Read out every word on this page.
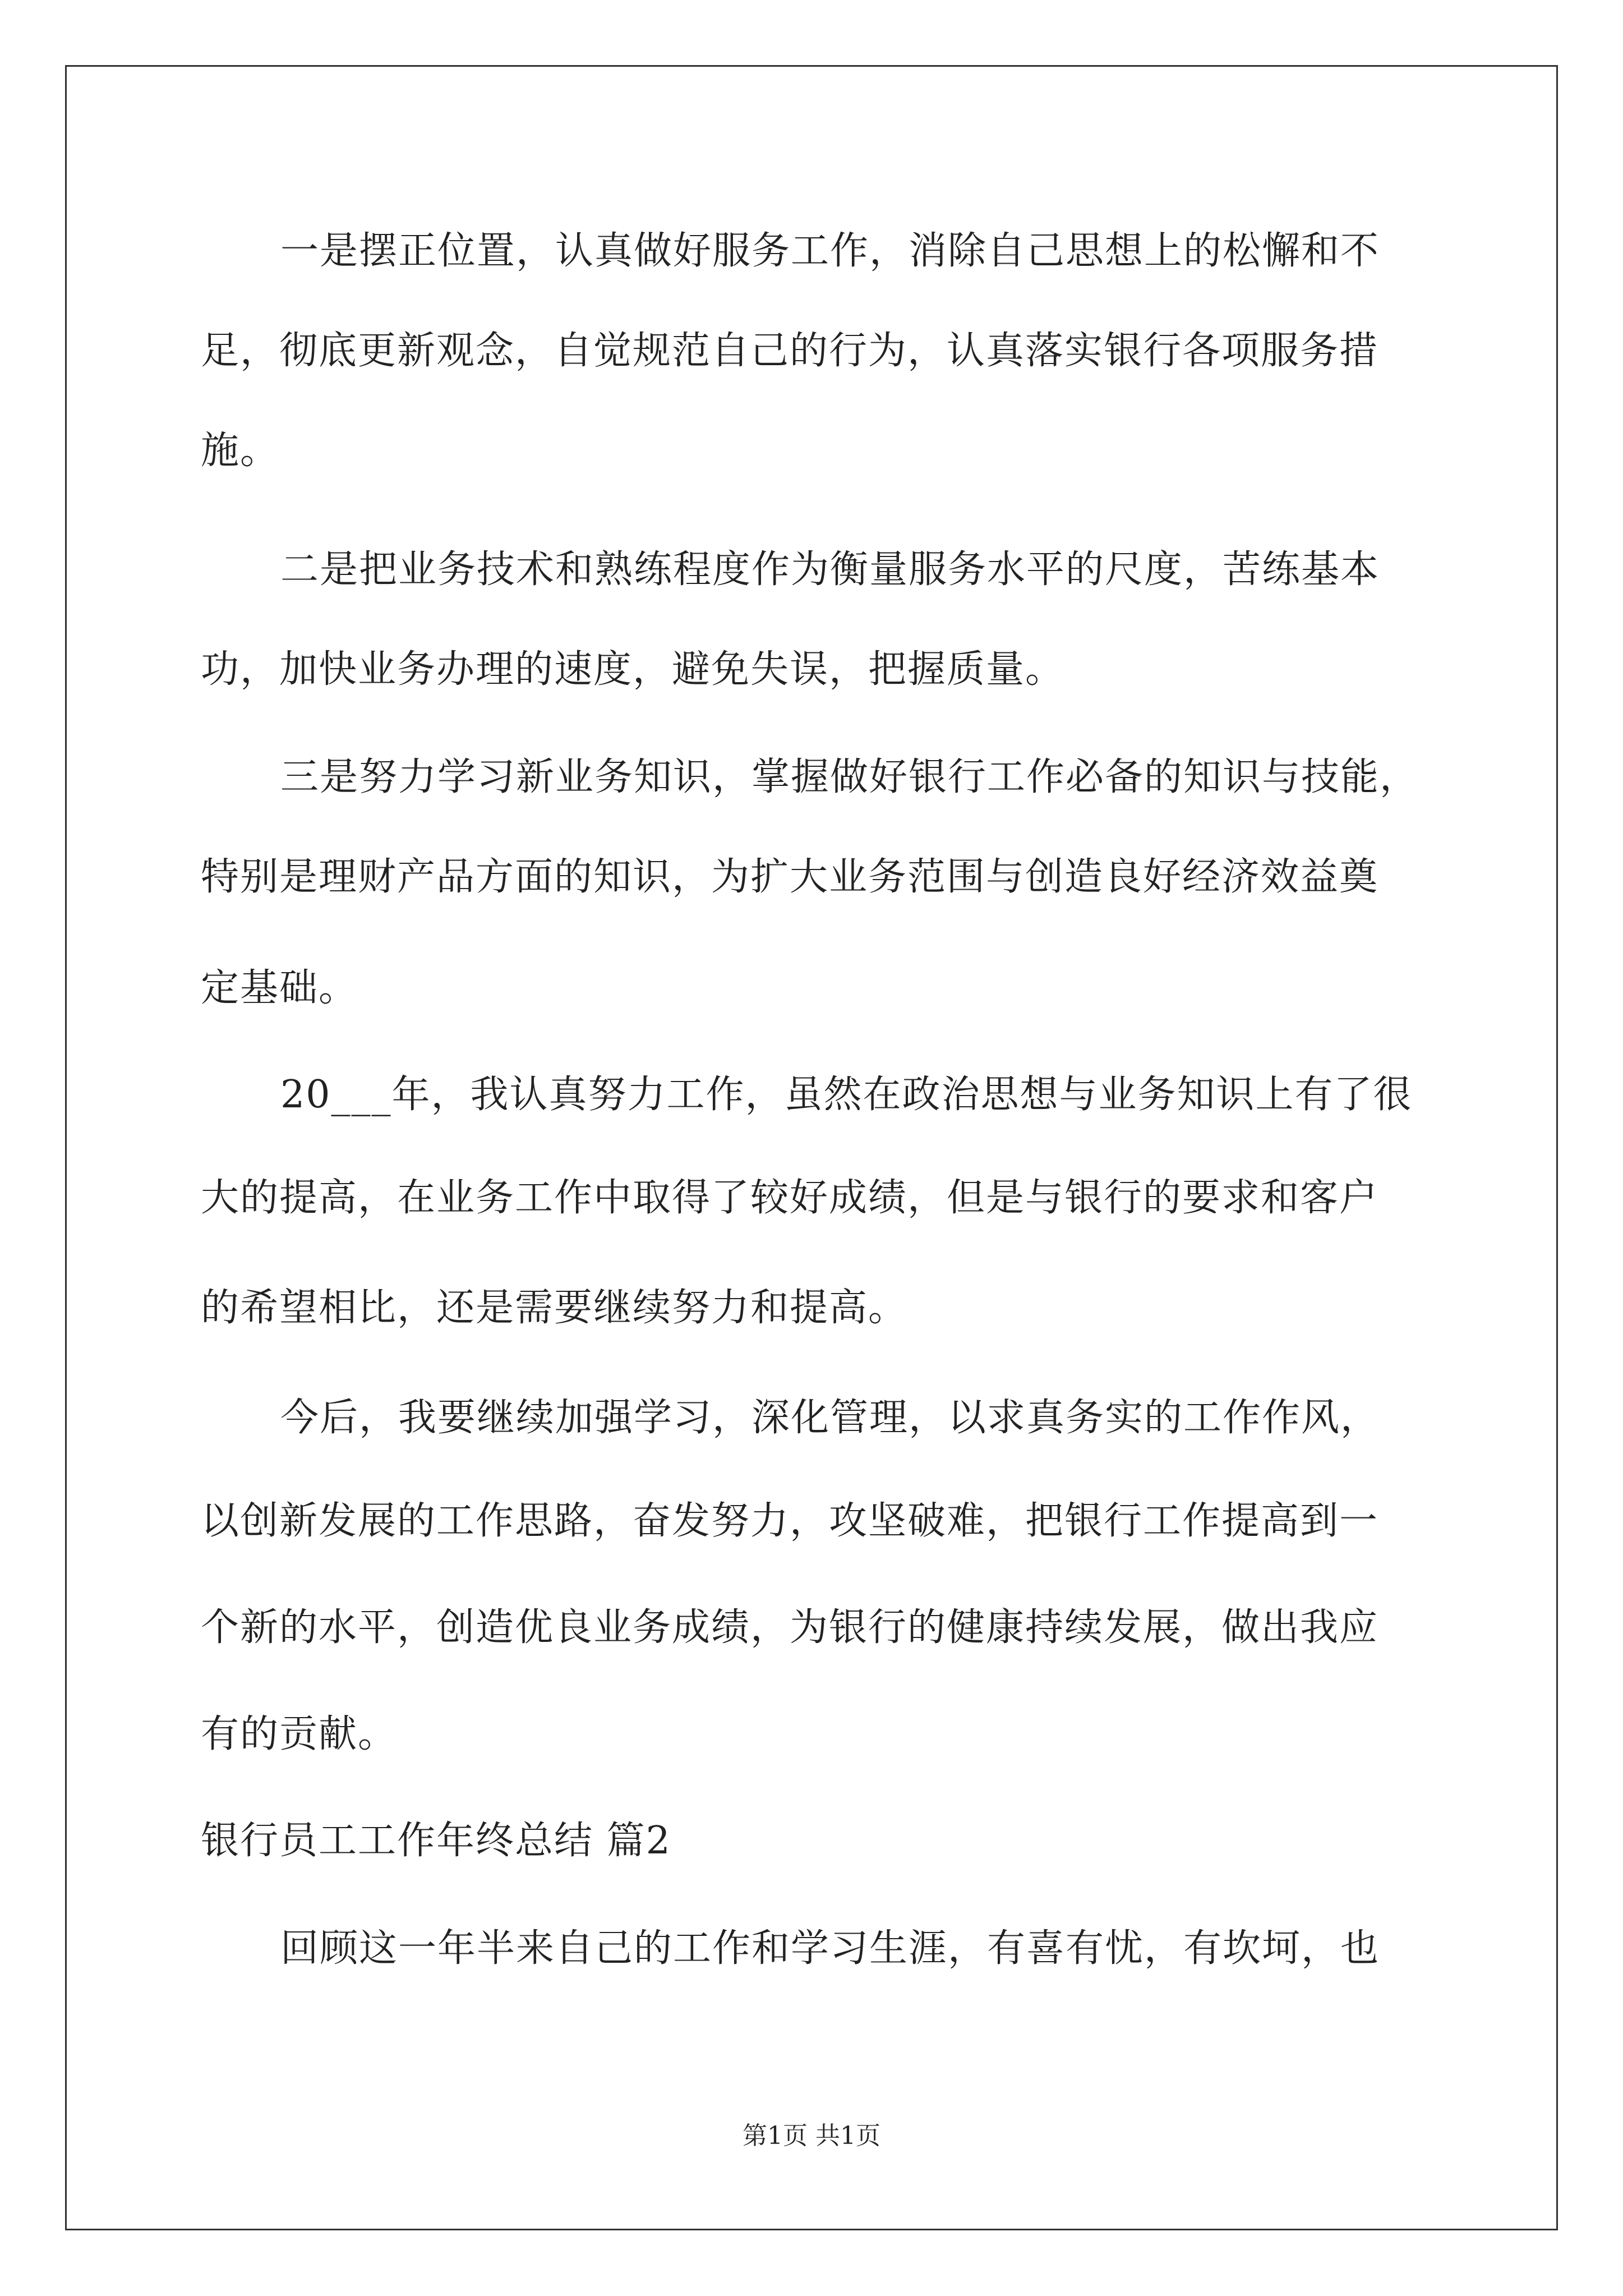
一是摆正位置，认真做好服务工作，消除自己思想上的松懈和不
足，彻底更新观念，自觉规范自己的行为，认真落实银行各项服务措
施。
二是把业务技术和熟练程度作为衡量服务水平的尺度，苦练基本
功，加快业务办理的速度，避免失误，把握质量。
三是努力学习新业务知识，掌握做好银行工作必备的知识与技能，
特别是理财产品方面的知识，为扩大业务范围与创造良好经济效益奠
定基础。
20___年，我认真努力工作，虽然在政治思想与业务知识上有了很
大的提高，在业务工作中取得了较好成绩，但是与银行的要求和客户
的希望相比，还是需要继续努力和提高。
今后，我要继续加强学习，深化管理，以求真务实的工作作风，
以创新发展的工作思路，奋发努力，攻坚破难，把银行工作提高到一
个新的水平，创造优良业务成绩，为银行的健康持续发展，做出我应
有的贡献。
银行员工工作年终总结 篇2
回顾这一年半来自己的工作和学习生涯，有喜有忧，有坎坷，也
第1页 共1页
